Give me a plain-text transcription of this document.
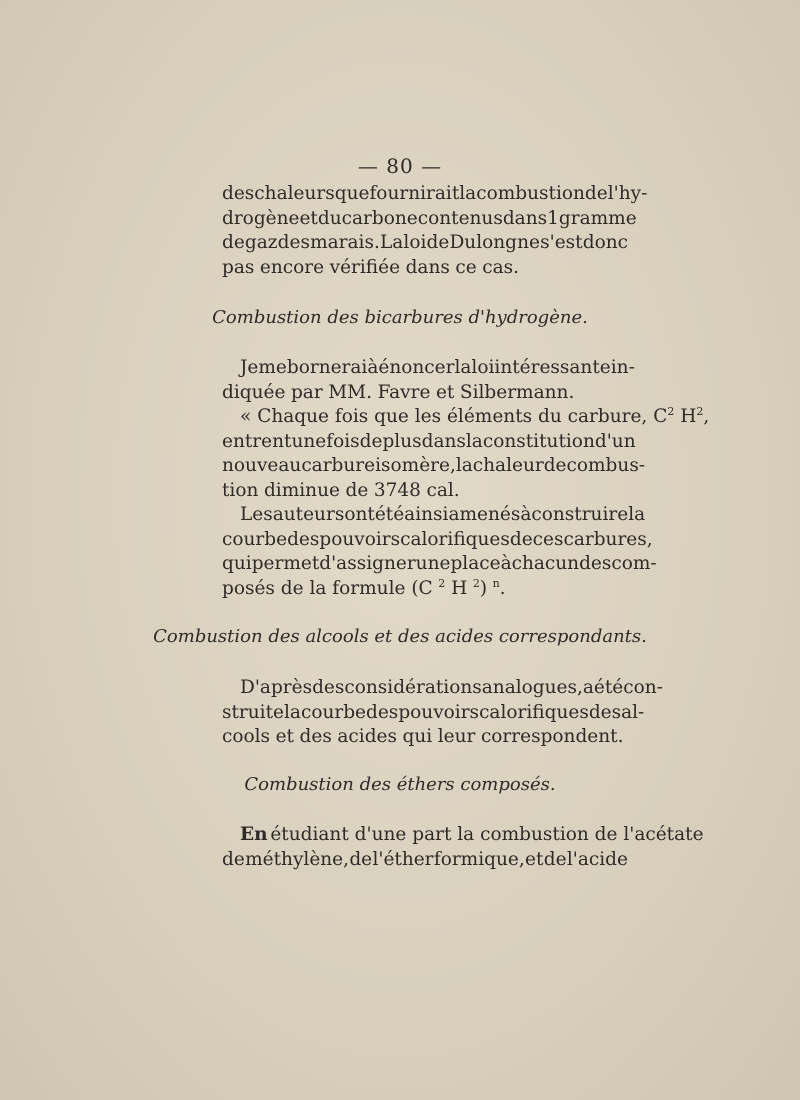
— 80 —
des chaleurs que fournirait la combustion de l'hy-
drogène et du carbone contenus dans 1 gramme
de gaz des marais. La loi de Dulong ne s'est donc
pas encore vérifiée dans ce cas.
Combustion des bicarbures d'hydrogène.
Je me bornerai à énoncer la loi intéressante in-
diquée par MM. Favre et Silbermann.
« Chaque fois que les éléments du carbure, C $^2$ $H^2$,
entrent une fois de plus dans la constitution d'un
nouveau carbure isomère, la chaleur de combus-
tion diminue de 3748 cal.
Les auteurs ont été ainsi amenés à construire la
courbe des pouvoirs calorifiques de ces carbures,
qui permet d'assigner une place à chacun des com-
posés de la formule (C $^2$ H $^2$) $^n$.
Combustion des alcools et des acides correspondants.
D'après des considérations analogues, a été con-
struite la courbe des pouvoirs calorifiques des al-
cools et des acides qui leur correspondent.
Combustion des éthers composés.
En étudiant d'une part la combustion de l'acétate
de méthylène, de l'éther formique, et de l'acide
